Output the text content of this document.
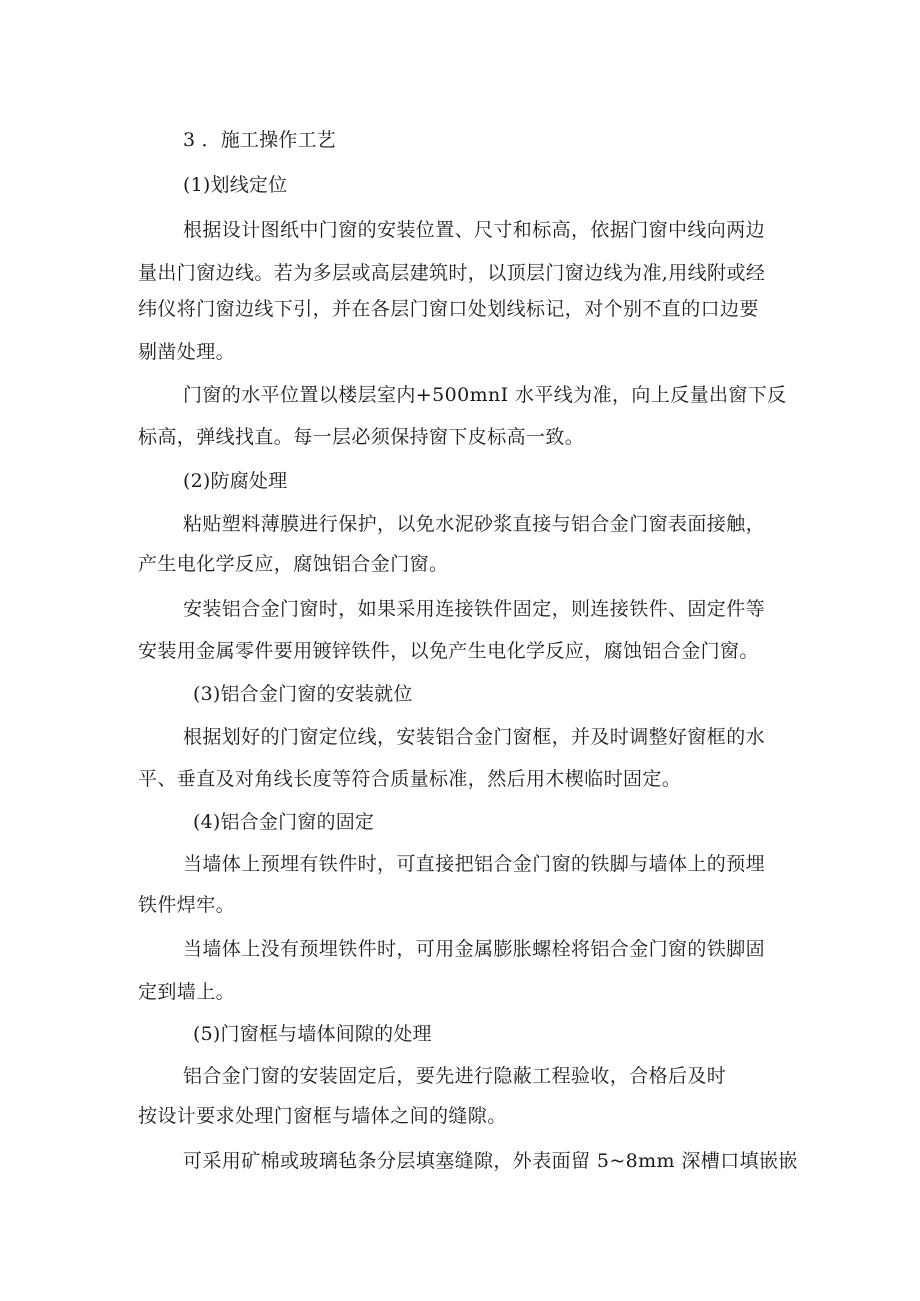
3 ．施工操作工艺

(1)划线定位

根据设计图纸中门窗的安装位置、尺寸和标高，依据门窗中线向两边

量出门窗边线。若为多层或高层建筑时，以顶层门窗边线为准,用线附或经

纬仪将门窗边线下引，并在各层门窗口处划线标记，对个别不直的口边要

剔凿处理。

门窗的水平位置以楼层室内+500mnI 水平线为准，向上反量出窗下反

标高，弹线找直。每一层必须保持窗下皮标高一致。

(2)防腐处理

粘贴塑料薄膜进行保护，以免水泥砂浆直接与铝合金门窗表面接触，

产生电化学反应，腐蚀铝合金门窗。

安装铝合金门窗时，如果采用连接铁件固定，则连接铁件、固定件等

安装用金属零件要用镀锌铁件，以免产生电化学反应，腐蚀铝合金门窗。

(3)铝合金门窗的安装就位

根据划好的门窗定位线，安装铝合金门窗框，并及时调整好窗框的水

平、垂直及对角线长度等符合质量标准，然后用木楔临时固定。

(4)铝合金门窗的固定

当墙体上预埋有铁件时，可直接把铝合金门窗的铁脚与墙体上的预埋

铁件焊牢。

当墙体上没有预埋铁件时，可用金属膨胀螺栓将铝合金门窗的铁脚固

定到墙上。

(5)门窗框与墙体间隙的处理

铝合金门窗的安装固定后，要先进行隐蔽工程验收，合格后及时

按设计要求处理门窗框与墙体之间的缝隙。

可采用矿棉或玻璃毡条分层填塞缝隙，外表面留 5~8mm 深槽口填嵌嵌
